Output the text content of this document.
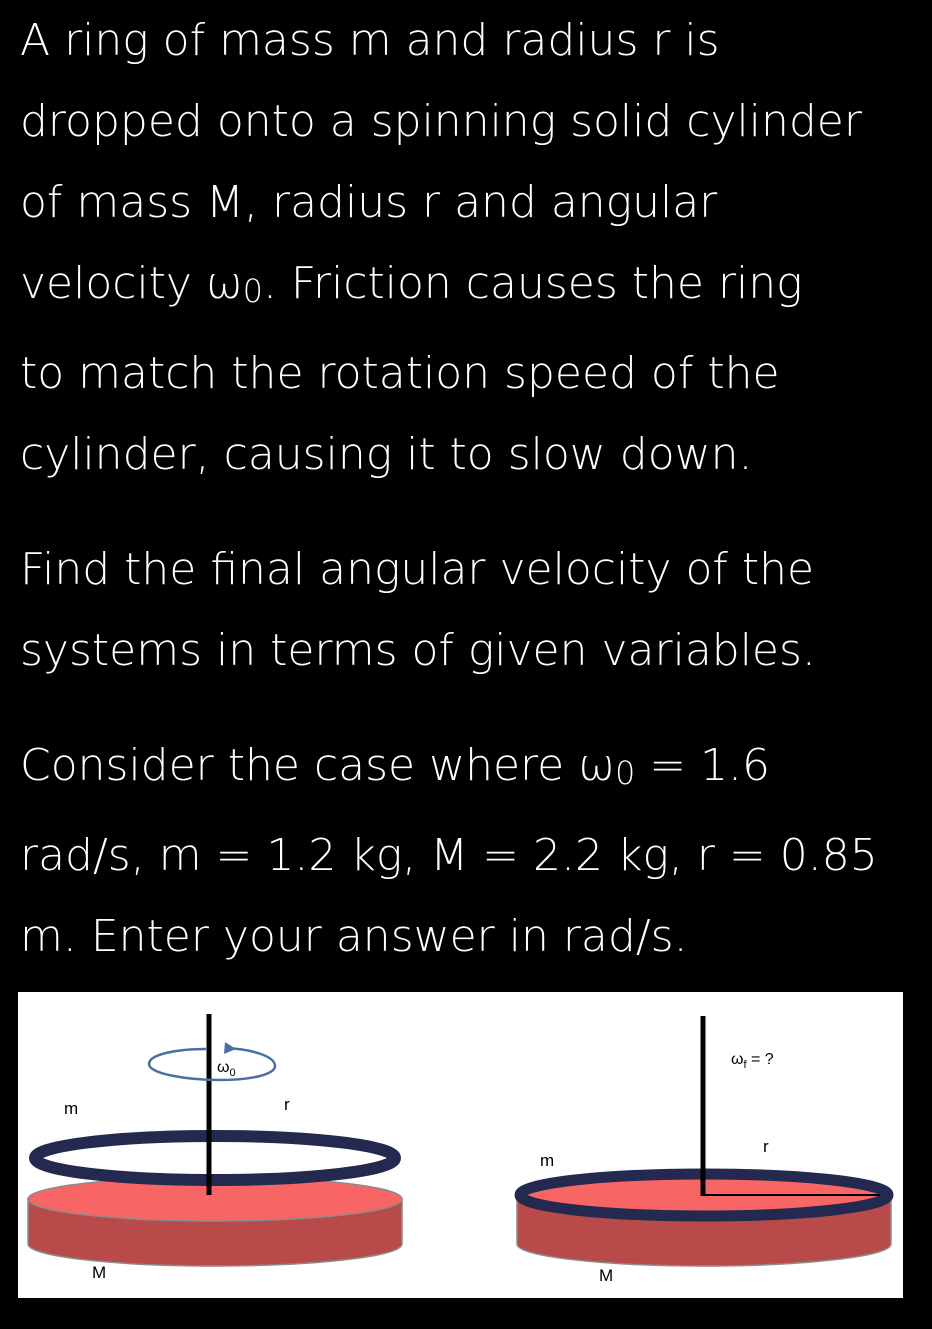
A ring of mass m and radius r is
dropped onto a spinning solid cylinder
of mass M, radius r and angular
velocity ω0. Friction causes the ring
to match the rotation speed of the
cylinder, causing it to slow down.

Find the final angular velocity of the
systems in terms of given variables.

Consider the case where ω0 = 1.6
rad/s, m = 1.2 kg, M = 2.2 kg, r = 0.85
m. Enter your answer in rad/s.

$\omega_0$
m	r
M
$\omega_f$ = ?
r
m
M
